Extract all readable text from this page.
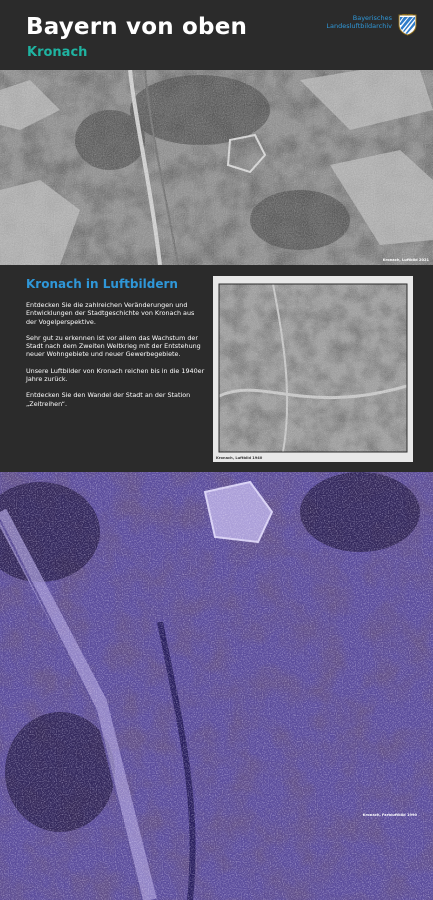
Bayern von oben
Kronach
Bayerisches
Landesluftbildarchiv
Kronach, Luftbild 2021
Kronach in Luftbildern

Entdecken Sie die zahlreichen Veränderungen und Entwicklungen der Stadtgeschichte von Kronach aus der Vogelperspektive.

Sehr gut zu erkennen ist vor allem das Wachstum der Stadt nach dem Zweiten Weltkrieg mit der Entstehung neuer Wohngebiete und neuer Gewerbegebiete.

Unsere Luftbilder von Kronach reichen bis in die 1940er Jahre zurück.

Entdecken Sie den Wandel der Stadt an der Station „Zeitreihen“.

Kronach, Luftbild 1940
Kronach, Farbluftbild 1990
